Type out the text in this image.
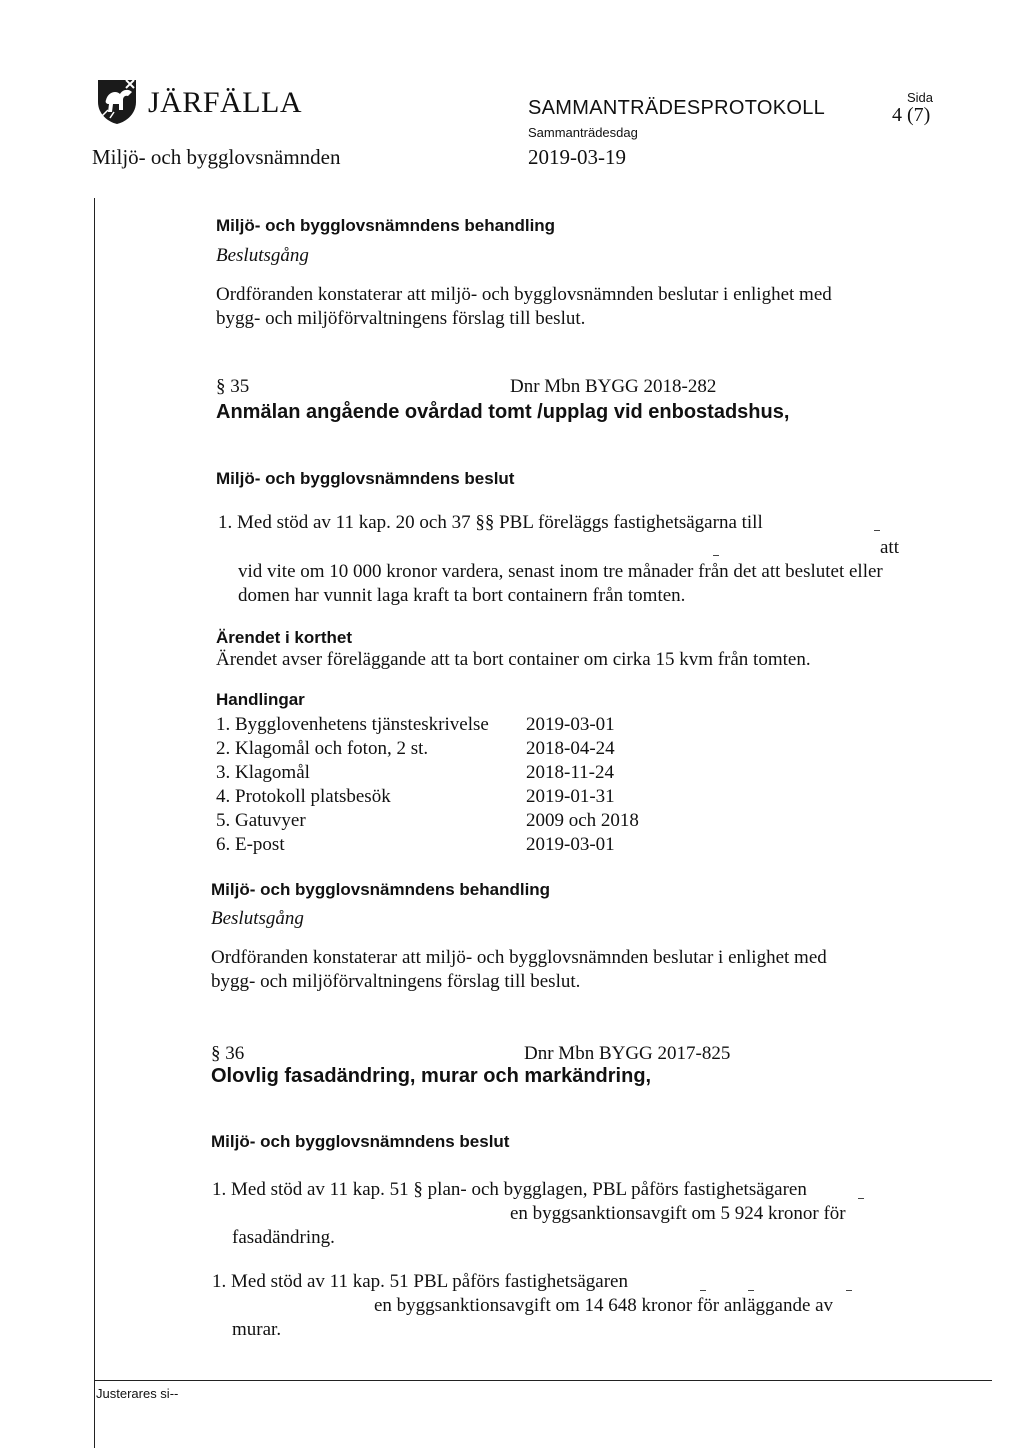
JÄRFÄLLA
Miljö- och bygglovsnämnden
SAMMANTRÄDESPROTOKOLL
Sammanträdesdag
2019-03-19
Sida
4 (7)
Miljö- och bygglovsnämndens behandling
Beslutsgång
Ordföranden konstaterar att miljö- och bygglovsnämnden beslutar i enlighet med
bygg- och miljöförvaltningens förslag till beslut.
§ 35	Dnr Mbn BYGG 2018-282
Anmälan angående ovårdad tomt /upplag vid enbostadshus,
Miljö- och bygglovsnämndens beslut
1. Med stöd av 11 kap. 20 och 37 §§ PBL föreläggs fastighetsägarna till
att
vid vite om 10 000 kronor vardera, senast inom tre månader från det att beslutet eller
domen har vunnit laga kraft ta bort containern från tomten.
Ärendet i korthet
Ärendet avser föreläggande att ta bort container om cirka 15 kvm från tomten.
Handlingar
1. Bygglovenhetens tjänsteskrivelse 2019-03-01
2. Klagomål och foton, 2 st.	2018-04-24
3. Klagomål	2018-11-24
4. Protokoll platsbesök	2019-01-31
5. Gatuvyer	2009 och 2018
6. E-post	2019-03-01
Miljö- och bygglovsnämndens behandling
Beslutsgång
Ordföranden konstaterar att miljö- och bygglovsnämnden beslutar i enlighet med
bygg- och miljöförvaltningens förslag till beslut.
§ 36	Dnr Mbn BYGG 2017-825
Olovlig fasadändring, murar och markändring,
Miljö- och bygglovsnämndens beslut
1. Med stöd av 11 kap. 51 § plan- och bygglagen, PBL påförs fastighetsägaren
en byggsanktionsavgift om 5 924 kronor för
fasadändring.
1. Med stöd av 11 kap. 51 PBL påförs fastighetsägaren
en byggsanktionsavgift om 14 648 kronor för anläggande av
murar.
Justerares si--
